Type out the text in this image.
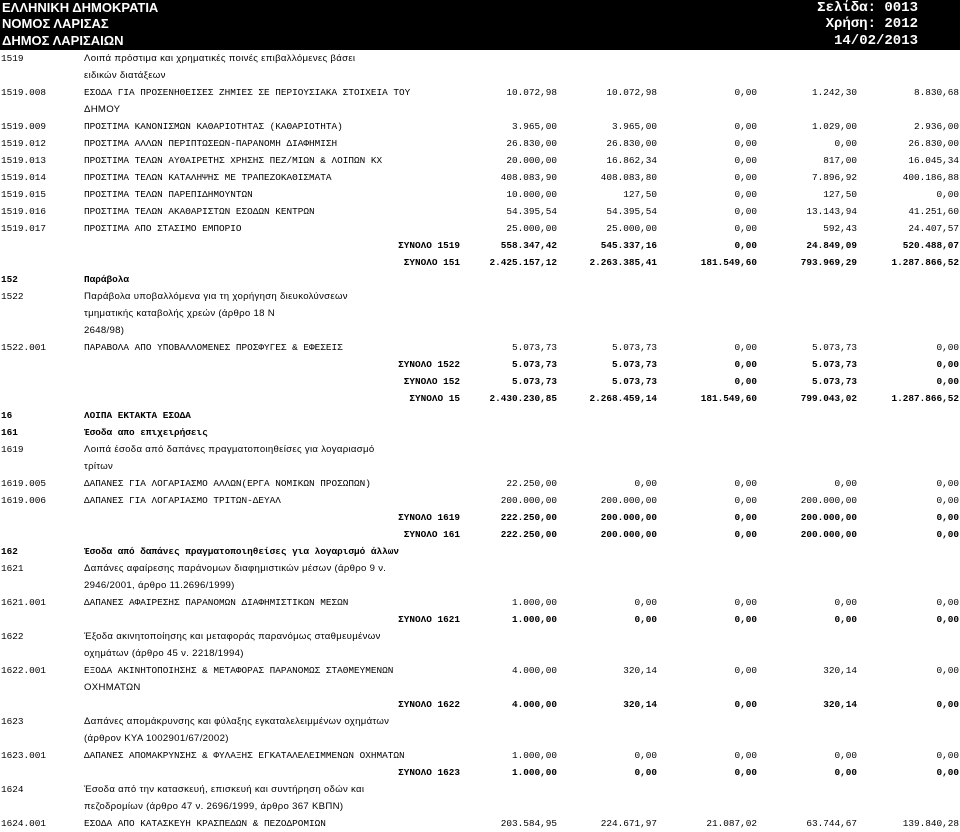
ΕΛΛΗΝΙΚΗ ΔΗΜΟΚΡΑΤΙΑ
ΝΟΜΟΣ ΛΑΡΙΣΑΣ
ΔΗΜΟΣ ΛΑΡΙΣΑΙΩΝ
Σελίδα: 0013
Χρήση: 2012
14/02/2013
1519	Λοιπά πρόστιμα και χρηματικές ποινές επιβαλλόμενες βάσει
ειδικών διατάξεων
1519.008	ΕΣΟΔΑ ΓΙΑ ΠΡΟΣΕΝΗΘΕΙΣΕΣ ΖΗΜΙΕΣ ΣΕ ΠΕΡΙΟΥΣΙΑΚΑ ΣΤΟΙΧΕΙΑ ΤΟΥ	10.072,98	10.072,98	0,00	1.242,30	8.830,68
ΔΗΜΟΥ
1519.009	ΠΡΟΣΤΙΜΑ ΚΑΝΟΝΙΣΜΩΝ ΚΑΘΑΡΙΟΤΗΤΑΣ (ΚΑΘΑΡΙΟΤΗΤΑ)	3.965,00	3.965,00	0,00	1.029,00	2.936,00
1519.012	ΠΡΟΣΤΙΜΑ ΑΛΛΩΝ ΠΕΡΙΠΤΩΣΕΩΝ-ΠΑΡΑΝΟΜΗ ΔΙΑΦΗΜΙΣΗ	26.830,00	26.830,00	0,00	0,00	26.830,00
1519.013	ΠΡΟΣΤΙΜΑ ΤΕΛΩΝ ΑΥΘΑΙΡΕΤΗΣ ΧΡΗΣΗΣ ΠΕΖ/ΜΙΩΝ & ΛΟΙΠΩΝ ΚΧ	20.000,00	16.862,34	0,00	817,00	16.045,34
1519.014	ΠΡΟΣΤΙΜΑ ΤΕΛΩΝ ΚΑΤΑΛΗΨΗΣ ΜΕ ΤΡΑΠΕΖΟΚΑΘΙΣΜΑΤΑ	408.083,90	408.083,80	0,00	7.896,92	400.186,88
1519.015	ΠΡΟΣΤΙΜΑ ΤΕΛΩΝ ΠΑΡΕΠΙΔΗΜΟΥΝΤΩΝ	10.000,00	127,50	0,00	127,50	0,00
1519.016	ΠΡΟΣΤΙΜΑ ΤΕΛΩΝ ΑΚΑΘΑΡΙΣΤΩΝ ΕΣΟΔΩΝ ΚΕΝΤΡΩΝ	54.395,54	54.395,54	0,00	13.143,94	41.251,60
1519.017	ΠΡΟΣΤΙΜΑ ΑΠΟ ΣΤΑΣΙΜΟ ΕΜΠΟΡΙΟ	25.000,00	25.000,00	0,00	592,43	24.407,57
ΣΥΝΟΛΟ 1519	558.347,42	545.337,16	0,00	24.849,09	520.488,07
ΣΥΝΟΛΟ 151	2.425.157,12	2.263.385,41	181.549,60	793.969,29	1.287.866,52
152	Παράβολα
1522	Παράβολα υποβαλλόμενα για τη χορήγηση διευκολύνσεων
τμηματικής καταβολής χρεών (άρθρο 18 Ν
2648/98)
1522.001	ΠΑΡΑΒΟΛΑ ΑΠΟ ΥΠΟΒΑΛΛΟΜΕΝΕΣ ΠΡΟΣΦΥΓΕΣ & ΕΦΕΣΕΙΣ	5.073,73	5.073,73	0,00	5.073,73	0,00
ΣΥΝΟΛΟ 1522	5.073,73	5.073,73	0,00	5.073,73	0,00
ΣΥΝΟΛΟ 152	5.073,73	5.073,73	0,00	5.073,73	0,00
ΣΥΝΟΛΟ 15	2.430.230,85	2.268.459,14	181.549,60	799.043,02	1.287.866,52
16	ΛΟΙΠΑ ΕΚΤΑΚΤΑ ΕΣΟΔΑ
161	Έσοδα απο επιχειρήσεις
1619	Λοιπά έσοδα από δαπάνες πραγματοποιηθείσες για λογαριασμό
τρίτων
1619.005	ΔΑΠΑΝΕΣ ΓΙΑ ΛΟΓΑΡΙΑΣΜΟ ΑΛΛΩΝ(ΕΡΓΑ ΝΟΜΙΚΩΝ ΠΡΟΣΩΠΩΝ)	22.250,00	0,00	0,00	0,00	0,00
1619.006	ΔΑΠΑΝΕΣ ΓΙΑ ΛΟΓΑΡΙΑΣΜΟ ΤΡΙΤΩΝ-ΔΕΥΑΛ	200.000,00	200.000,00	0,00	200.000,00	0,00
ΣΥΝΟΛΟ 1619	222.250,00	200.000,00	0,00	200.000,00	0,00
ΣΥΝΟΛΟ 161	222.250,00	200.000,00	0,00	200.000,00	0,00
162	Έσοδα από δαπάνες πραγματοποιηθείσες για λογαρισμό άλλων
1621	Δαπάνες αφαίρεσης παράνομων διαφημιστικών μέσων (άρθρο 9 ν.
2946/2001, άρθρο 11.2696/1999)
1621.001	ΔΑΠΑΝΕΣ ΑΦΑΙΡΕΣΗΣ ΠΑΡΑΝΟΜΩΝ ΔΙΑΦΗΜΙΣΤΙΚΩΝ ΜΕΣΩΝ	1.000,00	0,00	0,00	0,00	0,00
ΣΥΝΟΛΟ 1621	1.000,00	0,00	0,00	0,00	0,00
1622	Έξοδα ακινητοποίησης και μεταφοράς παρανόμως σταθμευμένων
οχημάτων (άρθρο 45 ν. 2218/1994)
1622.001	ΕΞΟΔΑ ΑΚΙΝΗΤΟΠΟΙΗΣΗΣ & ΜΕΤΑΦΟΡΑΣ ΠΑΡΑΝΟΜΩΣ ΣΤΑΘΜΕΥΜΕΝΩΝ	4.000,00	320,14	0,00	320,14	0,00
ΟΧΗΜΑΤΩΝ
ΣΥΝΟΛΟ 1622	4.000,00	320,14	0,00	320,14	0,00
1623	Δαπάνες απομάκρυνσης και φύλαξης εγκαταλελειμμένων οχημάτων
(άρθρον ΚΥΑ 1002901/67/2002)
1623.001	ΔΑΠΑΝΕΣ ΑΠΟΜΑΚΡΥΝΣΗΣ & ΦΥΛΑΞΗΣ ΕΓΚΑΤΑΛΕΛΕΙΜΜΕΝΩΝ ΟΧΗΜΑΤΩΝ	1.000,00	0,00	0,00	0,00	0,00
ΣΥΝΟΛΟ 1623	1.000,00	0,00	0,00	0,00	0,00
1624	Έσοδα από την κατασκευή, επισκευή και συντήρηση οδών και
πεζοδρομίων (άρθρο 47 ν. 2696/1999, άρθρο 367 ΚΒΠΝ)
1624.001	ΕΣΟΔΑ ΑΠΟ ΚΑΤΑΣΚΕΥΗ ΚΡΑΣΠΕΔΩΝ & ΠΕΖΟΔΡΟΜΙΩΝ	203.584,95	224.671,97	21.087,02	63.744,67	139.840,28
